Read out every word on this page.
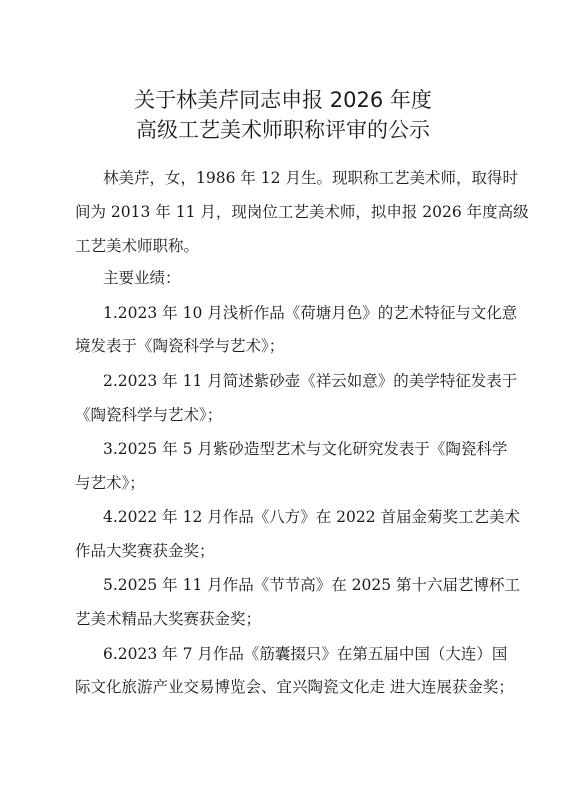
关于林美芹同志申报 2026 年度
高级工艺美术师职称评审的公示
林美芹，女，1986 年 12 月生。现职称工艺美术师，取得时
间为 2013 年 11 月，现岗位工艺美术师，拟申报 2026 年度高级
工艺美术师职称。
主要业绩：
1.2023 年 10 月浅析作品《荷塘月色》的艺术特征与文化意
境发表于《陶瓷科学与艺术》；
2.2023 年 11 月简述紫砂壶《祥云如意》的美学特征发表于
《陶瓷科学与艺术》；
3.2025 年 5 月紫砂造型艺术与文化研究发表于《陶瓷科学
与艺术》；
4.2022 年 12 月作品《八方》在 2022 首届金菊奖工艺美术
作品大奖赛获金奖；
5.2025 年 11 月作品《节节高》在 2025 第十六届艺博杯工
艺美术精品大奖赛获金奖；
6.2023 年 7 月作品《筋囊掇只》在第五届中国（大连）国
际文化旅游产业交易博览会、宜兴陶瓷文化走 进大连展获金奖；
